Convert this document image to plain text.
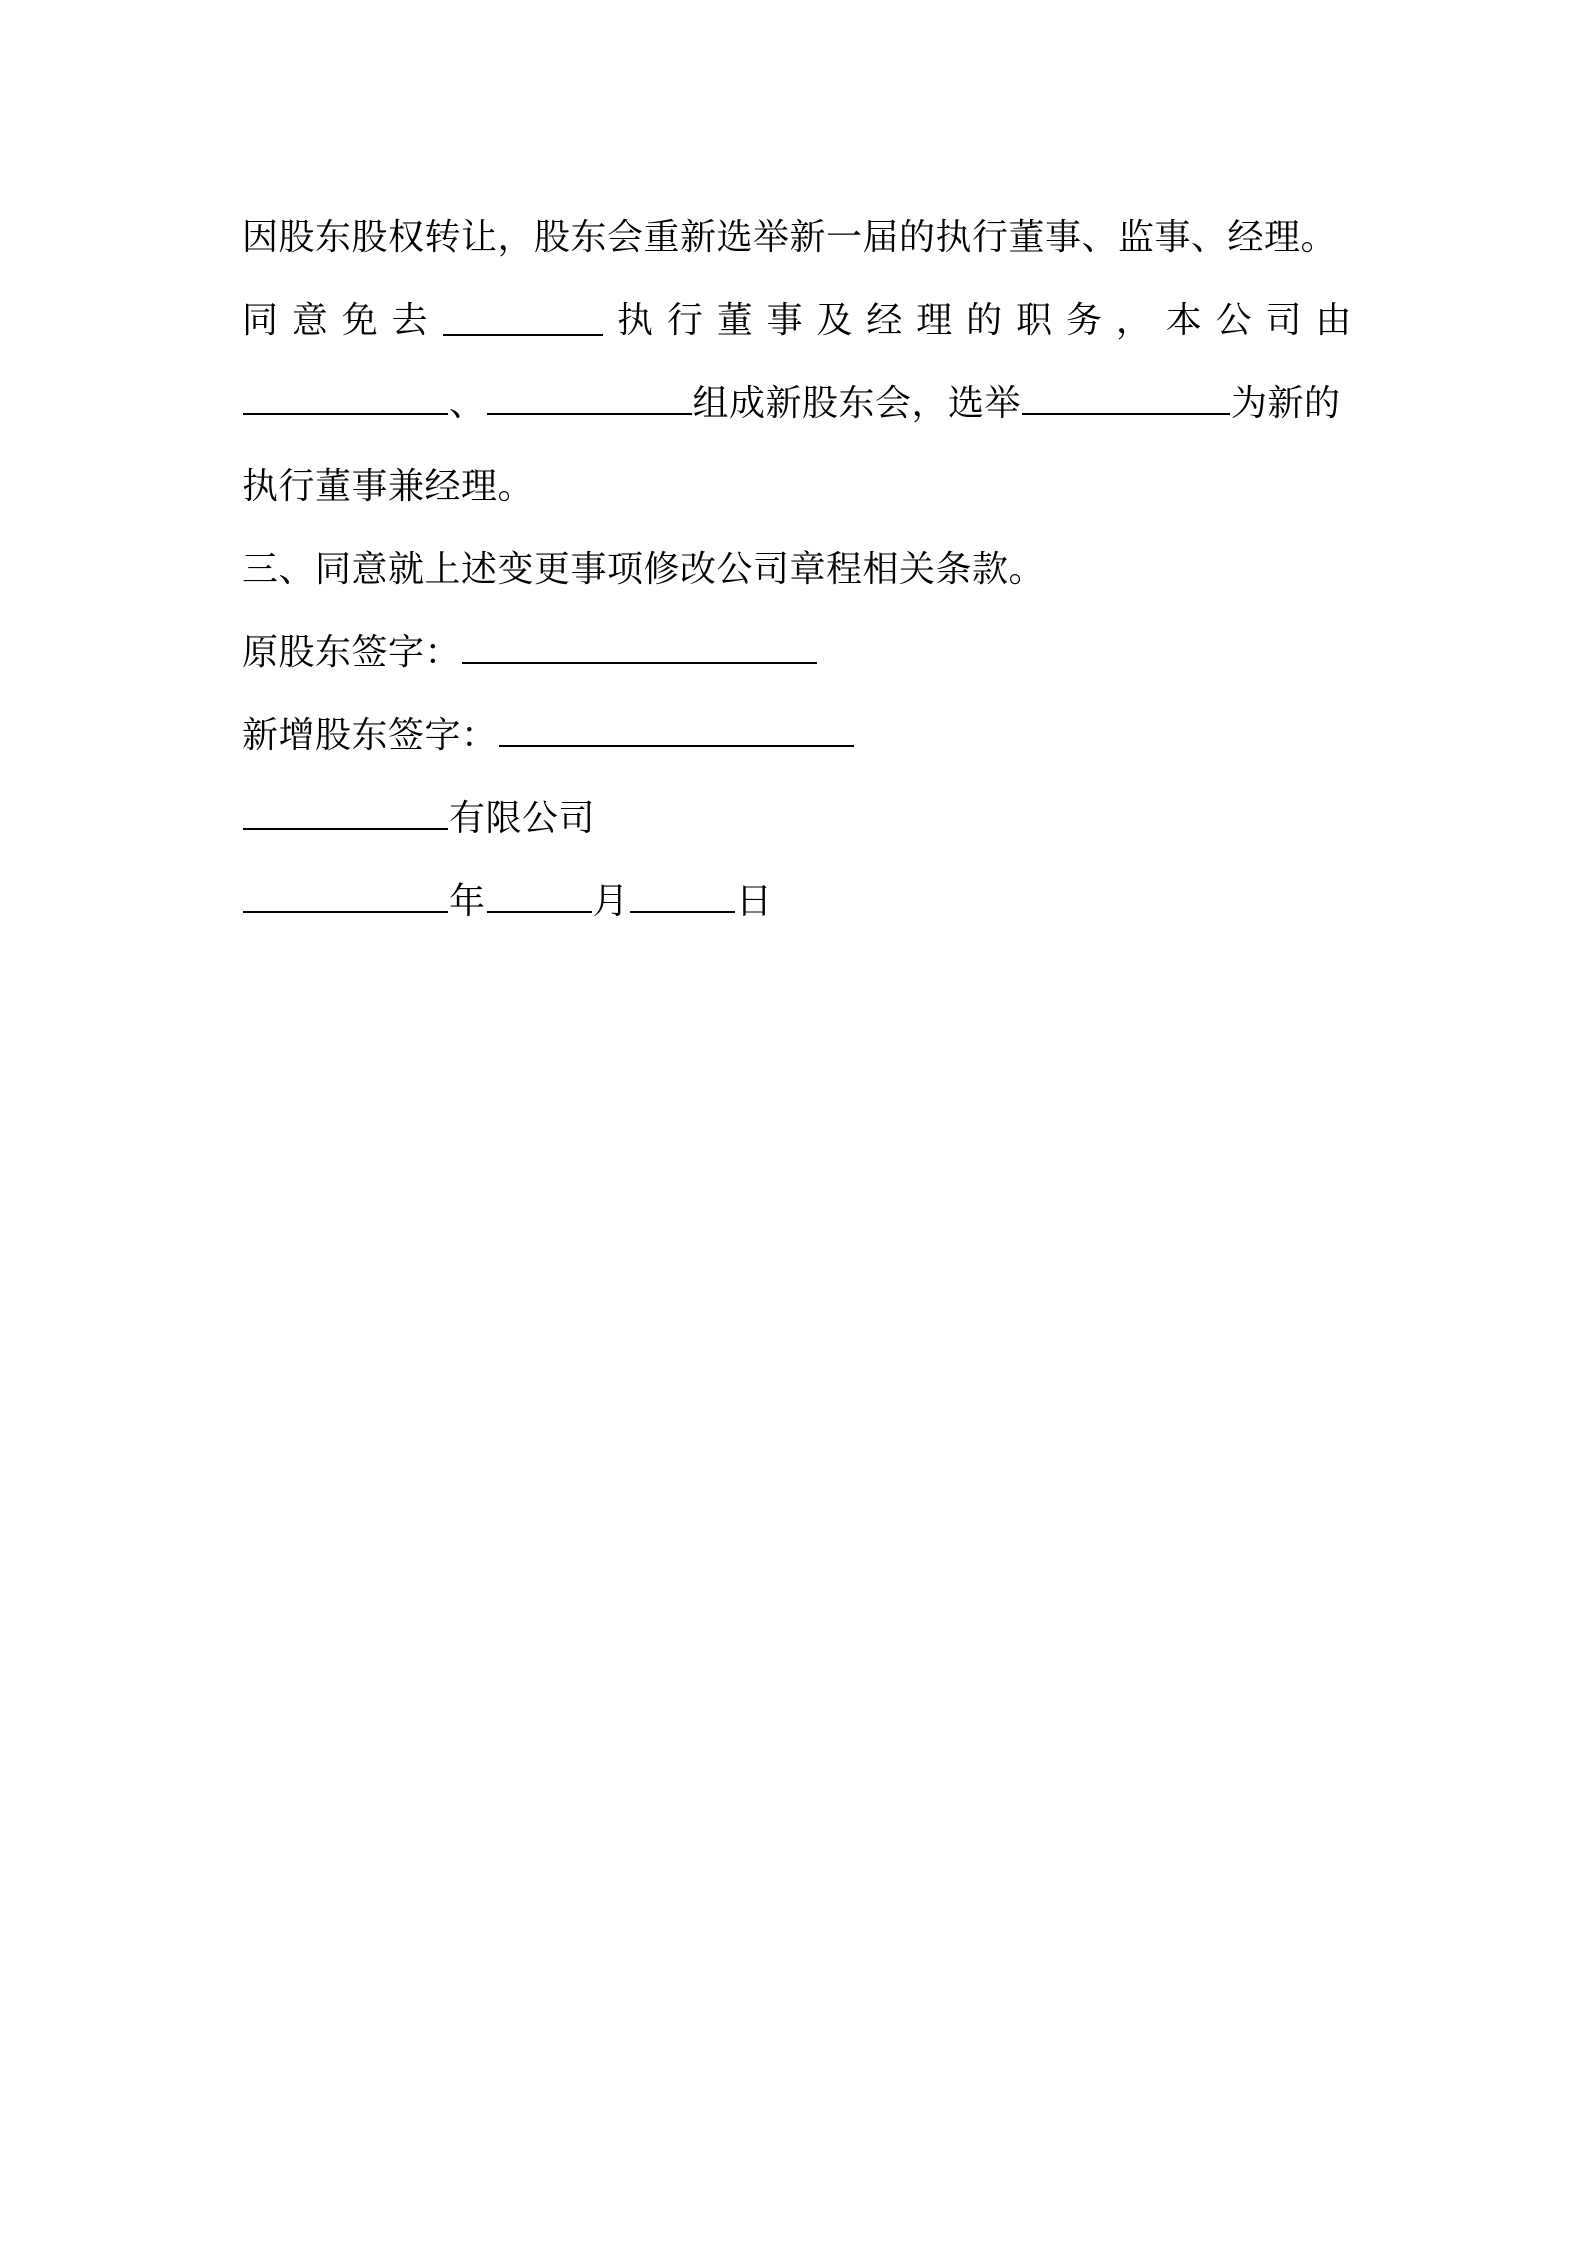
因股东股权转让，股东会重新选举新一届的执行董事、监事、经理。
同 意 免 去	执 行 董 事 及 经 理 的 职 务 ， 本 公 司 由
、	组成新股东会，选举	为新的
执行董事兼经理。
三、同意就上述变更事项修改公司章程相关条款。
原股东签字：
新增股东签字：
有限公司
年	月	日
